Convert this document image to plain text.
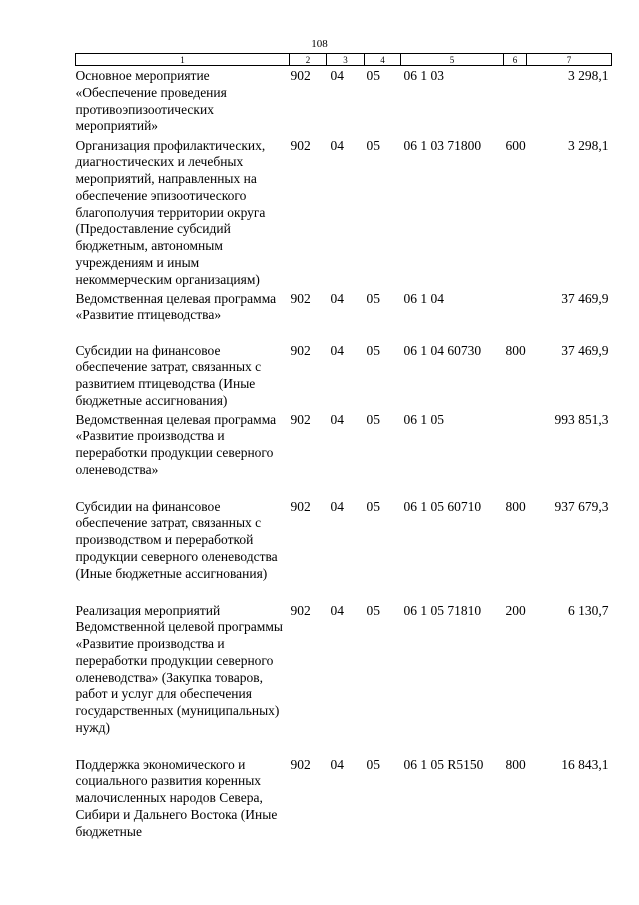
108
1	2	3	4	5	6	7
Основное мероприятие «Обеспечение проведения противоэпизоотических мероприятий»	902	04	05	06 1 03		3 298,1
Организация профилактических, диагностических и лечебных мероприятий, направленных на обеспечение эпизоотического благополучия территории округа (Предоставление субсидий бюджетным, автономным учреждениям и иным некоммерческим организациям)	902	04	05	06 1 03 71800	600	3 298,1
Ведомственная целевая программа «Развитие птицеводства»	902	04	05	06 1 04		37 469,9
Субсидии на финансовое обеспечение затрат, связанных с развитием птицеводства (Иные бюджетные ассигнования)	902	04	05	06 1 04 60730	800	37 469,9
Ведомственная целевая программа «Развитие производства и переработки продукции северного оленеводства»	902	04	05	06 1 05		993 851,3
Субсидии на финансовое обеспечение затрат, связанных с производством и переработкой продукции северного оленеводства (Иные бюджетные ассигнования)	902	04	05	06 1 05 60710	800	937 679,3
Реализация мероприятий Ведомственной целевой программы «Развитие производства и переработки продукции северного оленеводства» (Закупка товаров, работ и услуг для обеспечения государственных (муниципальных) нужд)	902	04	05	06 1 05 71810	200	6 130,7
Поддержка экономического и социального развития коренных малочисленных народов Севера, Сибири и Дальнего Востока (Иные бюджетные	902	04	05	06 1 05 R5150	800	16 843,1
